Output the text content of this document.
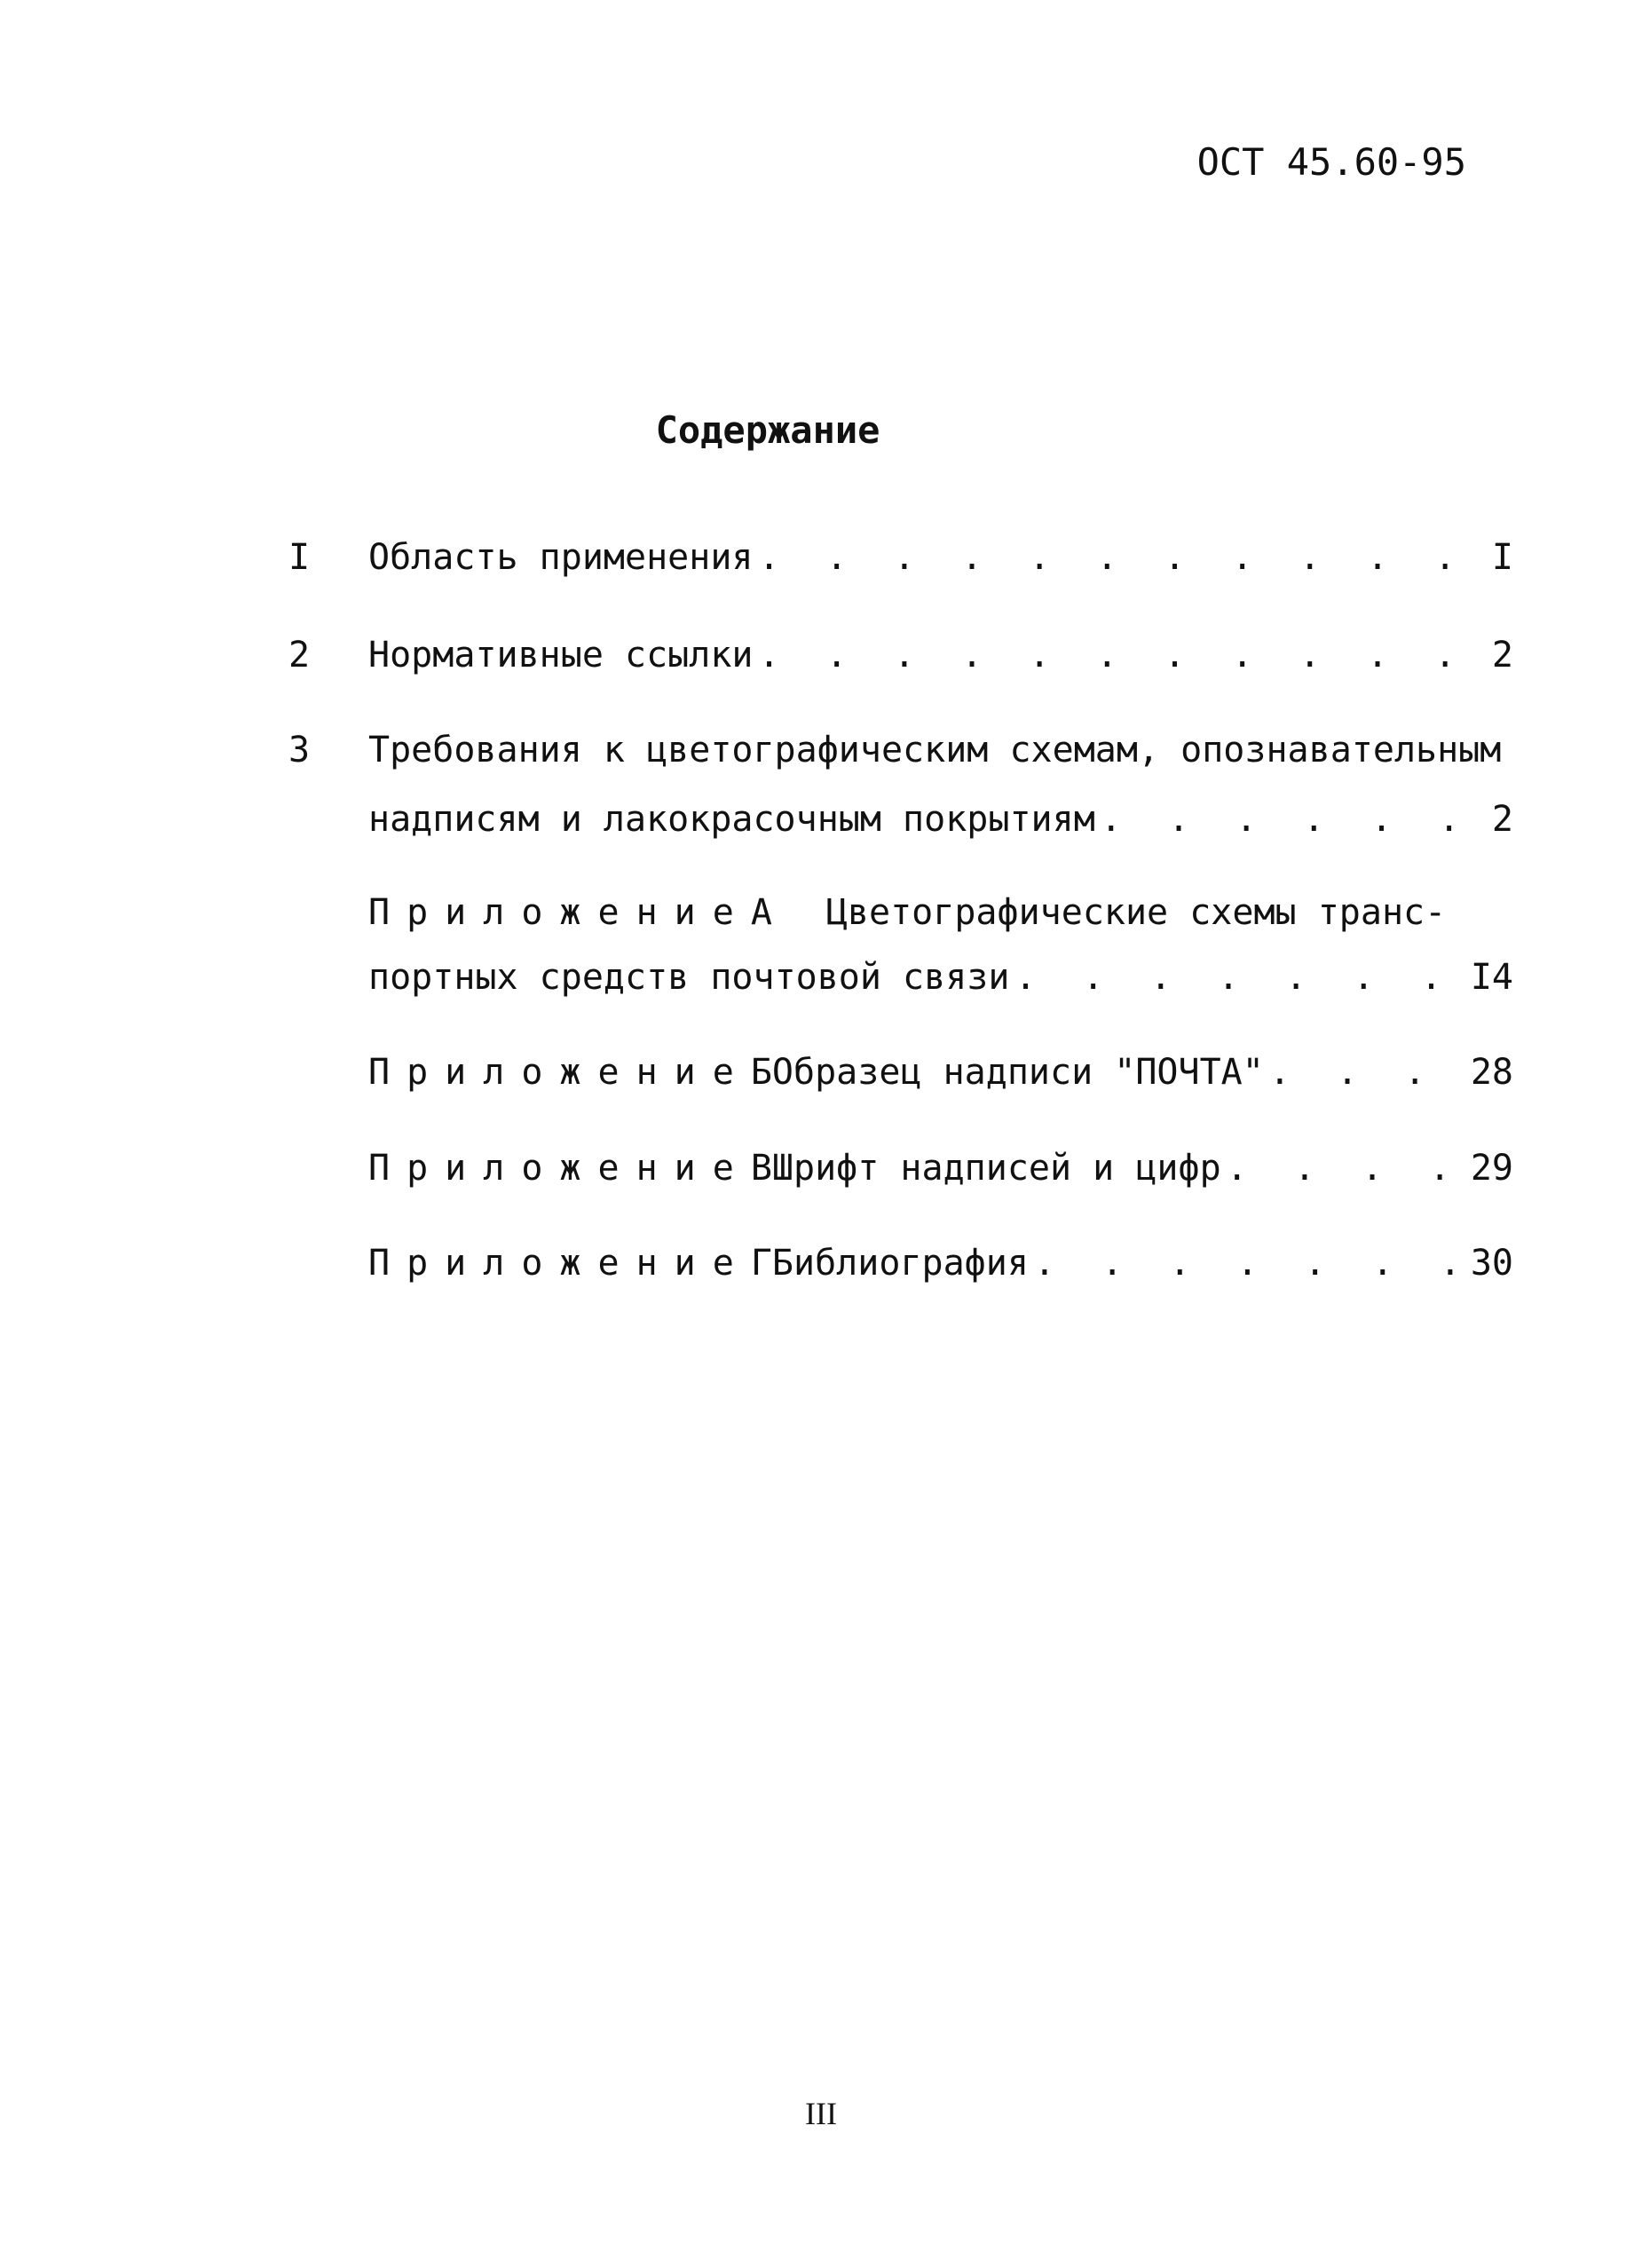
ОСТ 45.60-95
Содержание
I Область применения . . .	I
2 Нормативные ссылки . . .	2
3 Требования к цветографическим схемам, опознавательным
надписям и лакокрасочным покрытиям . . .	2
Приложение А	Цветографические схемы транс-
портных средств почтовой связи . . .	I4
Приложение Б Образец надписи "ПОЧТА" . . .	28
Приложение В Шрифт надписей и цифр . . .	29
Приложение Г Библиография . . .	30
III
